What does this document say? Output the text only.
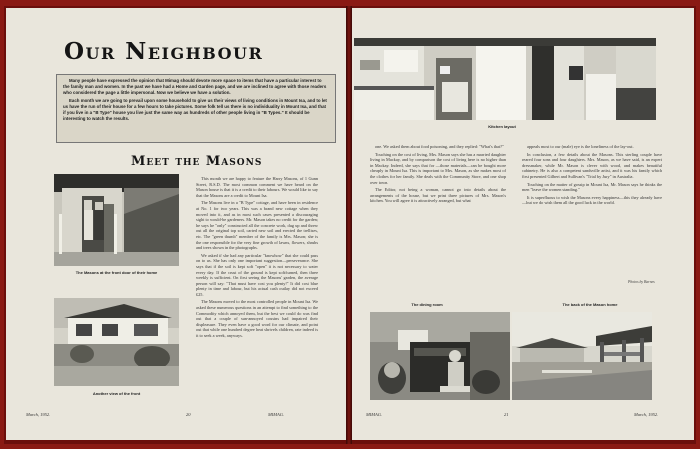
Our Neighbour

Many people have expressed the opinion that Mimag should devote more space to items that have a particular interest to the family man and women. In the past we have had a Home and Garden page, and we are inclined to agree with those readers who considered the page a little impersonal. Now we believe we have a solution.

Each month we are going to prevail upon some household to give us their views of living conditions in Mount Isa, and to let us have the run of their house for a few hours to take pictures. Some folk tell us there is no individuality in Mount Isa, and that if you live in a "B Type" house you live just the same way as hundreds of other people living in "B Types." It should be interesting to watch the results.

Meet the Masons
The Masons at the front door of their home
Another view of the front

This month we are happy to feature the Harry Masons, of 1 Gunn Street, R.S.D. The most common comment we have heard on the Mason house is that it is a credit to their labours. We would like to say that the Masons are a credit to Mount Isa.

The Masons live in a "B Type" cottage, and have been in residence at No. 1 for two years. This was a brand new cottage when they moved into it, and as in most such cases presented a discouraging sight to would-be gardeners. Mr. Mason takes no credit for the garden; he says he "only" constructed all the concrete work, dug up and threw out all the original top soil, carted new soil and erected the trellises, etc. The "green thumb" member of the family is Mrs. Mason; she is the one responsible for the very fine growth of lawns, flowers, shrubs and trees shown in the photographs.

We asked if she had any particular "knowhow" that she could pass on to us. She has only one important suggestion—perseverance. She says that if the soil is kept soft "open" it is not necessary to water every day. If the crust of the ground is kept soft/turned, then three weekly is sufficient. On first seeing the Masons' garden, the average person will say: "That must have cost you plenty!" It did cost blue plenty in time and labour, but his actual cash outlay did not exceed £25.

The Masons moved to the most controlled people in Mount Isa. We asked these numerous questions in an attempt to find something to the Commodity which annoyed them, but the best we could do was find out that a couple of sun-annoyed cousins had impaired their displeasure. They even have a good word for our climate, and point out that while one hundred degree heat shrivels children, rate indeed is it to seek a week, anyways.

March, 1952.	20	MIMAG.
Kitchen layout

one. We asked them about food poisoning, and they replied: "What's that?"

Touching on the cost of living, Mrs. Mason says she has a married daughter living in Mackay, and by comparison the cost of living here is no higher than in Mackay. Indeed, she says that for —those materials—can be bought more cheaply in Mount Isa. This is important to Mrs. Mason, as she makes most of the clothes for her family. She deals with the Community Store, and one shop over town.

The Editor, not being a woman, cannot go into details about the arrangements of the house, but we print three pictures of Mrs. Mason's kitchen. You will agree it is attractively arranged, but what

appeals most to our (male) eye is the loneliness of the lay-out.

In conclusion, a few details about the Masons. This sterling couple have reared four sons and four daughters. Mrs. Mason, as we have said, is an expert dressmaker, while Mr. Mason is clever with wood, and makes beautiful cabinetry. He is also a competent sandsville artist, and it was his family which first presented Gilbert and Sullivan's "Trial by Jury" in Australia.

Touching on the matter of gossip in Mount Isa, Mr. Mason says he thinks the men "leave the women standing."

It is superfluous to wish the Masons every happiness—this they already have—but we do wish them all the good luck in the world.

Photos by Barnes
The dining room	The back of the Mason home
MIMAG.	21	March, 1952.
